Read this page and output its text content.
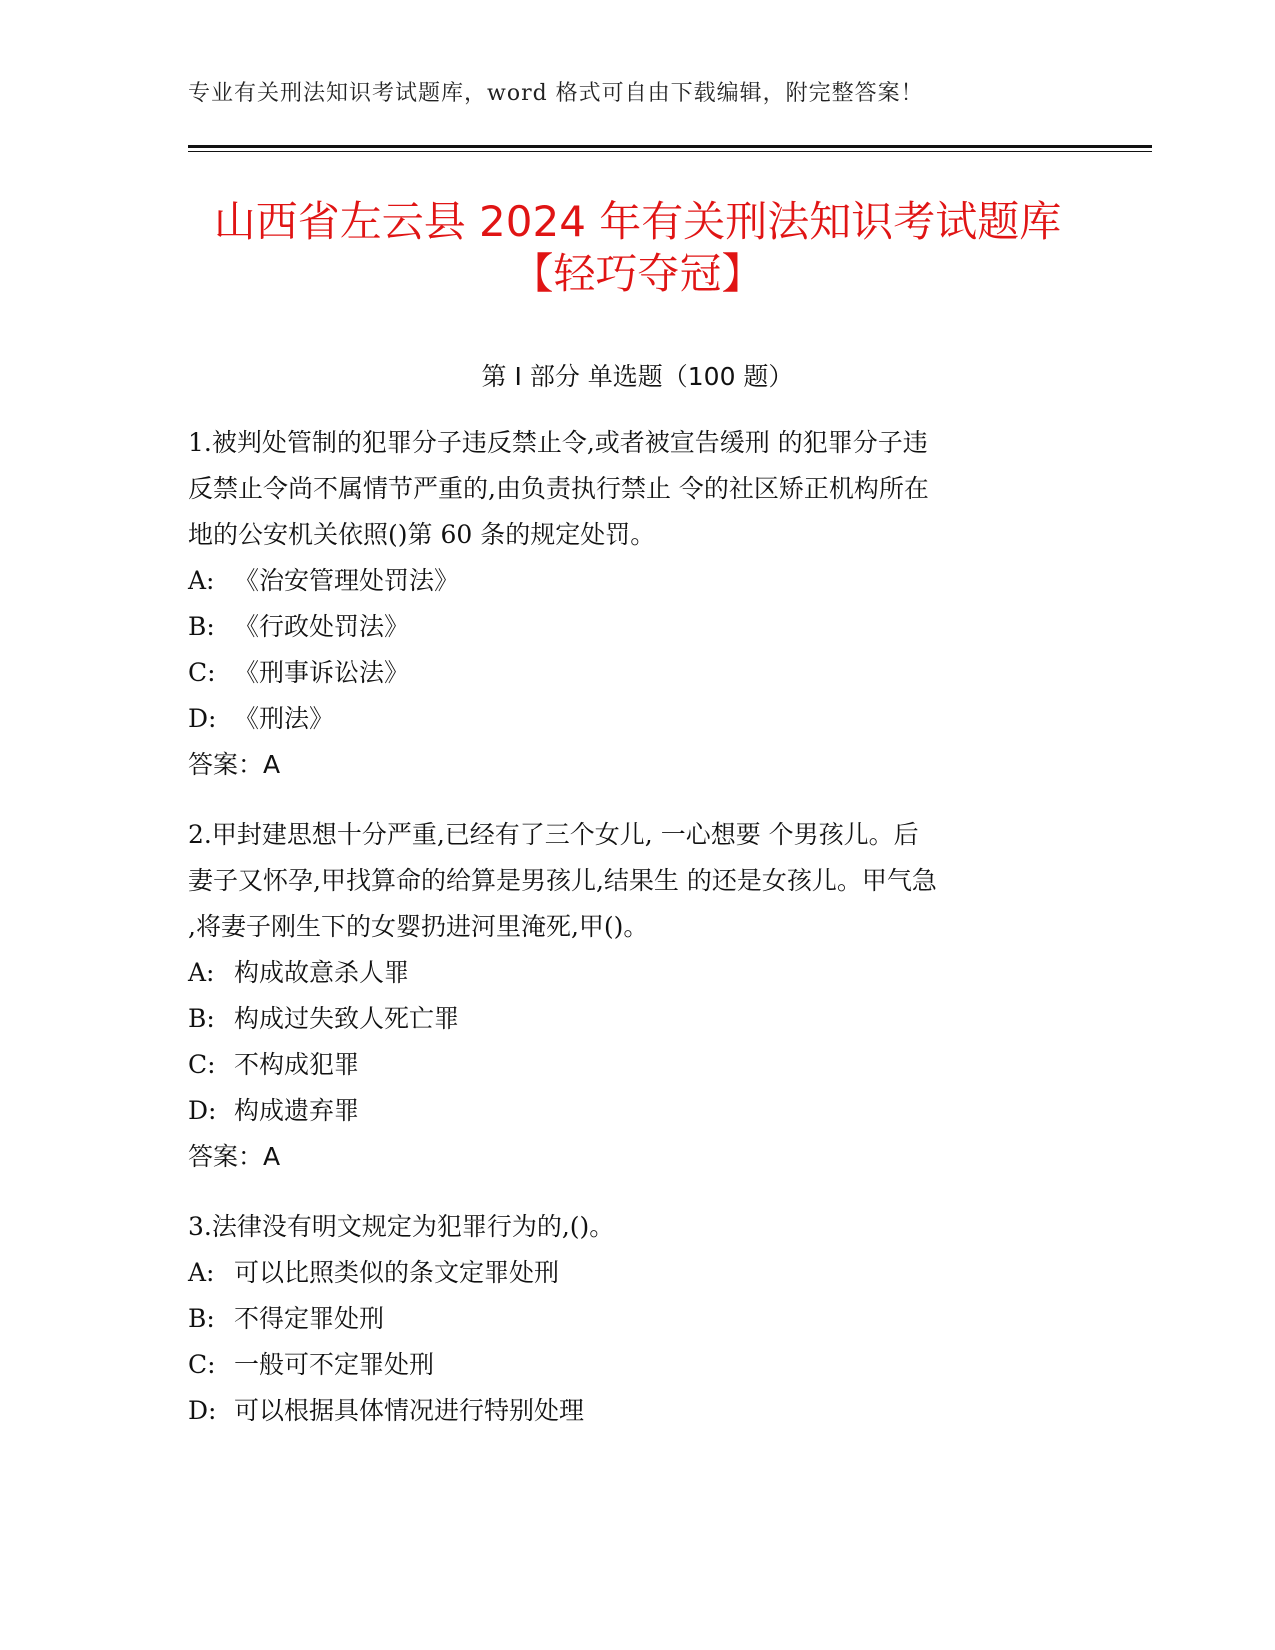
专业有关刑法知识考试题库，word 格式可自由下载编辑，附完整答案！
山西省左云县 2024 年有关刑法知识考试题库
【轻巧夺冠】
第 I 部分 单选题（100 题）

1.被判处管制的犯罪分子违反禁止令,或者被宣告缓刑 的犯罪分子违

反禁止令尚不属情节严重的,由负责执行禁止 令的社区矫正机构所在

地的公安机关依照()第 60 条的规定处罚。

A: 《治安管理处罚法》

B: 《行政处罚法》

C: 《刑事诉讼法》

D: 《刑法》

答案：A

2.甲封建思想十分严重,已经有了三个女儿, 一心想要 个男孩儿。后

妻子又怀孕,甲找算命的给算是男孩儿,结果生 的还是女孩儿。甲气急

,将妻子刚生下的女婴扔进河里淹死,甲()。

A: 构成故意杀人罪

B: 构成过失致人死亡罪

C: 不构成犯罪

D: 构成遗弃罪

答案：A

3.法律没有明文规定为犯罪行为的,()。

A: 可以比照类似的条文定罪处刑

B: 不得定罪处刑

C: 一般可不定罪处刑

D: 可以根据具体情况进行特别处理
